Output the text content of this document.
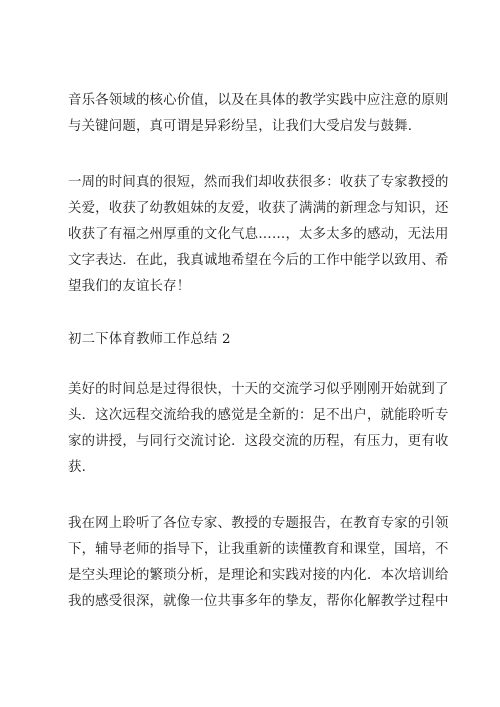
音乐各领域的核心价值，以及在具体的教学实践中应注意的原则
与关键问题，真可谓是异彩纷呈，让我们大受启发与鼓舞.
一周的时间真的很短，然而我们却收获很多：收获了专家教授的
关爱，收获了幼教姐妹的友爱，收获了满满的新理念与知识，还
收获了有福之州厚重的文化气息……，太多太多的感动，无法用
文字表达．在此，我真诚地希望在今后的工作中能学以致用、希
望我们的友谊长存！
初二下体育教师工作总结 2
美好的时间总是过得很快，十天的交流学习似乎刚刚开始就到了
头．这次远程交流给我的感觉是全新的：足不出户，就能聆听专
家的讲授，与同行交流讨论．这段交流的历程，有压力，更有收
获.
我在网上聆听了各位专家、教授的专题报告，在教育专家的引领
下，辅导老师的指导下，让我重新的读懂教育和课堂，国培，不
是空头理论的繁琐分析，是理论和实践对接的内化．本次培训给
我的感受很深，就像一位共事多年的挚友，帮你化解教学过程中
